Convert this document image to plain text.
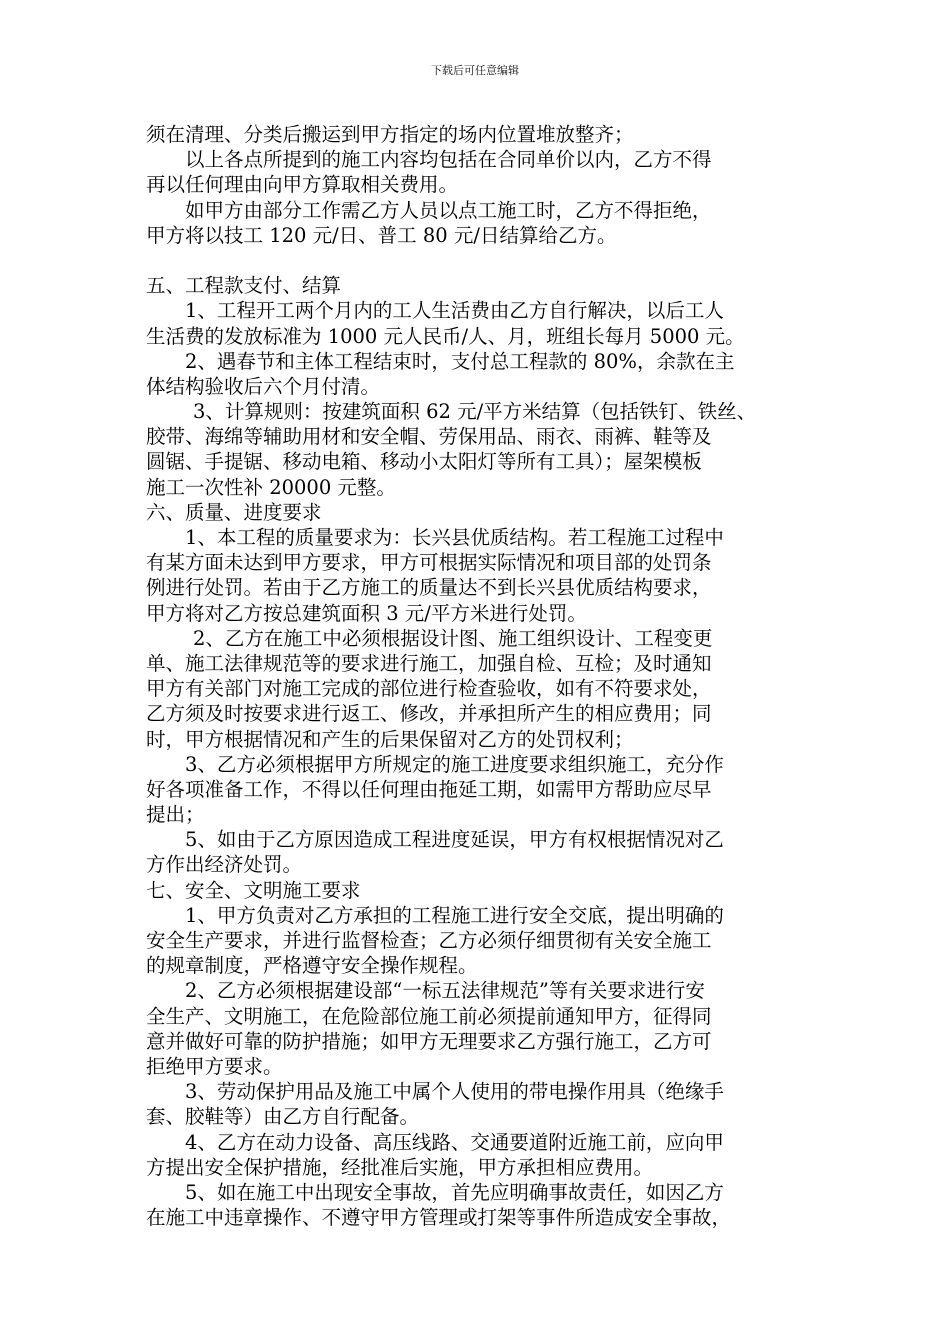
下载后可任意编辑
须在清理、分类后搬运到甲方指定的场内位置堆放整齐；
以上各点所提到的施工内容均包括在合同单价以内，乙方不得
再以任何理由向甲方算取相关费用。
如甲方由部分工作需乙方人员以点工施工时，乙方不得拒绝，
甲方将以技工 120 元/日、普工 80 元/日结算给乙方。
五、工程款支付、结算
1、工程开工两个月内的工人生活费由乙方自行解决，以后工人
生活费的发放标准为 1000 元人民币/人、月，班组长每月 5000 元。
2、遇春节和主体工程结束时，支付总工程款的 80%，余款在主
体结构验收后六个月付清。
3、计算规则：按建筑面积 62 元/平方米结算（包括铁钉、铁丝、
胶带、海绵等辅助用材和安全帽、劳保用品、雨衣、雨裤、鞋等及
圆锯、手提锯、移动电箱、移动小太阳灯等所有工具）；屋架模板
施工一次性补 20000 元整。
六、质量、进度要求
1、本工程的质量要求为：长兴县优质结构。若工程施工过程中
有某方面未达到甲方要求，甲方可根据实际情况和项目部的处罚条
例进行处罚。若由于乙方施工的质量达不到长兴县优质结构要求，
甲方将对乙方按总建筑面积 3 元/平方米进行处罚。
2、乙方在施工中必须根据设计图、施工组织设计、工程变更
单、施工法律规范等的要求进行施工，加强自检、互检；及时通知
甲方有关部门对施工完成的部位进行检查验收，如有不符要求处，
乙方须及时按要求进行返工、修改，并承担所产生的相应费用；同
时，甲方根据情况和产生的后果保留对乙方的处罚权利；
3、乙方必须根据甲方所规定的施工进度要求组织施工，充分作
好各项准备工作，不得以任何理由拖延工期，如需甲方帮助应尽早
提出；
5、如由于乙方原因造成工程进度延误，甲方有权根据情况对乙
方作出经济处罚。
七、安全、文明施工要求
1、甲方负责对乙方承担的工程施工进行安全交底，提出明确的
安全生产要求，并进行监督检查；乙方必须仔细贯彻有关安全施工
的规章制度，严格遵守安全操作规程。
2、乙方必须根据建设部“一标五法律规范”等有关要求进行安
全生产、文明施工，在危险部位施工前必须提前通知甲方，征得同
意并做好可靠的防护措施；如甲方无理要求乙方强行施工，乙方可
拒绝甲方要求。
3、劳动保护用品及施工中属个人使用的带电操作用具（绝缘手
套、胶鞋等）由乙方自行配备。
4、乙方在动力设备、高压线路、交通要道附近施工前，应向甲
方提出安全保护措施，经批准后实施，甲方承担相应费用。
5、如在施工中出现安全事故，首先应明确事故责任，如因乙方
在施工中违章操作、不遵守甲方管理或打架等事件所造成安全事故，
